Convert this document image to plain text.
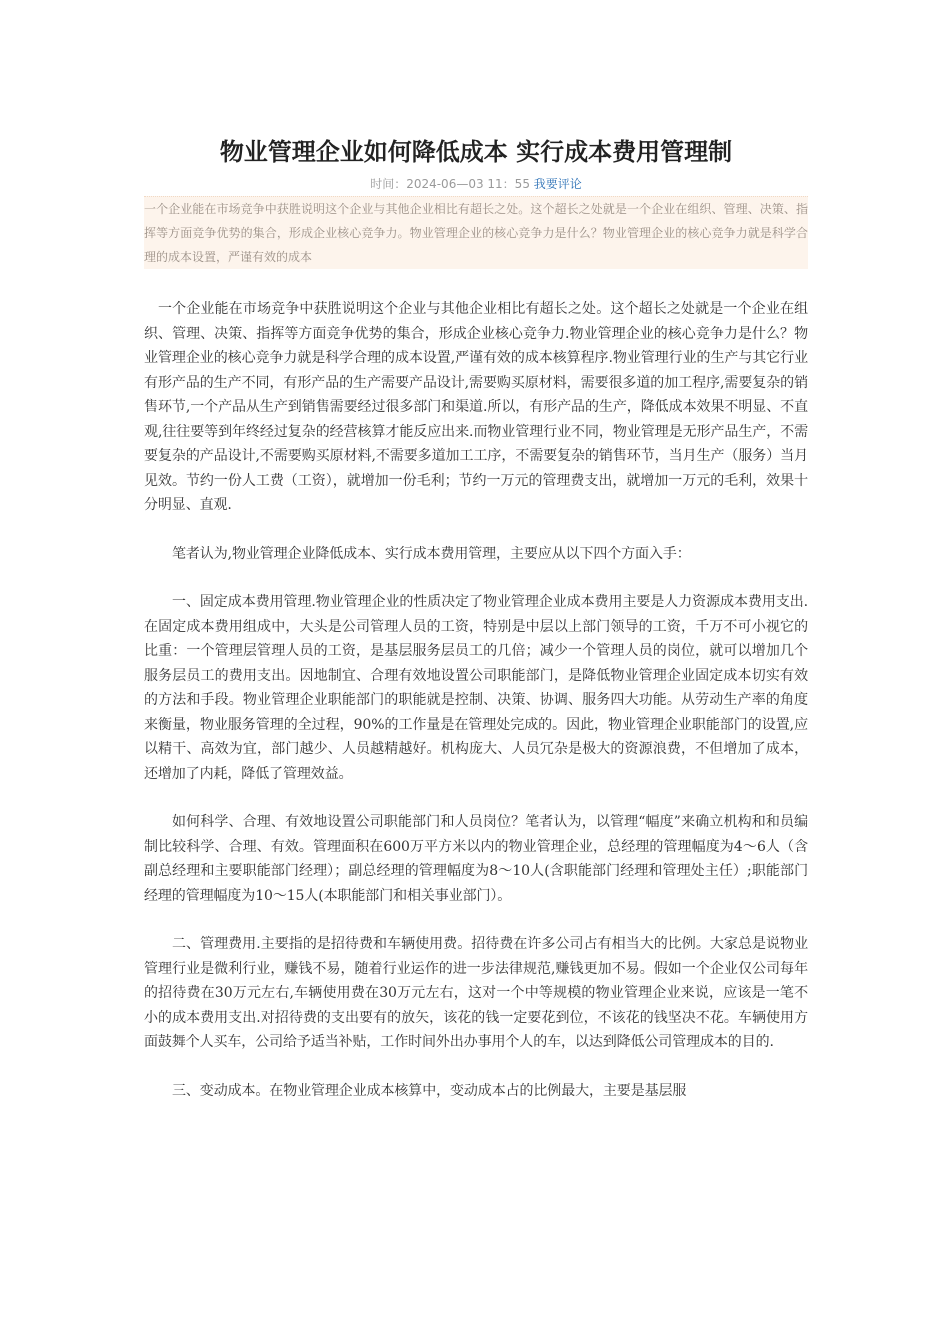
物业管理企业如何降低成本 实行成本费用管理制
时间：2024-06—03 11：55 我要评论
一个企业能在市场竞争中获胜说明这个企业与其他企业相比有超长之处。这个超长之处就是一个企业在组织、管理、决策、指挥等方面竞争优势的集合，形成企业核心竞争力。物业管理企业的核心竞争力是什么？物业管理企业的核心竞争力就是科学合理的成本设置，严谨有效的成本

一个企业能在市场竞争中获胜说明这个企业与其他企业相比有超长之处。这个超长之处就是一个企业在组织、管理、决策、指挥等方面竞争优势的集合，形成企业核心竞争力.物业管理企业的核心竞争力是什么？物业管理企业的核心竞争力就是科学合理的成本设置,严谨有效的成本核算程序.物业管理行业的生产与其它行业有形产品的生产不同，有形产品的生产需要产品设计,需要购买原材料，需要很多道的加工程序,需要复杂的销售环节,一个产品从生产到销售需要经过很多部门和渠道.所以，有形产品的生产，降低成本效果不明显、不直观,往往要等到年终经过复杂的经营核算才能反应出来.而物业管理行业不同，物业管理是无形产品生产，不需要复杂的产品设计,不需要购买原材料,不需要多道加工工序，不需要复杂的销售环节，当月生产（服务）当月见效。节约一份人工费（工资），就增加一份毛利；节约一万元的管理费支出，就增加一万元的毛利，效果十分明显、直观.

笔者认为,物业管理企业降低成本、实行成本费用管理，主要应从以下四个方面入手：

一、固定成本费用管理.物业管理企业的性质决定了物业管理企业成本费用主要是人力资源成本费用支出.在固定成本费用组成中，大头是公司管理人员的工资，特别是中层以上部门领导的工资，千万不可小视它的比重：一个管理层管理人员的工资，是基层服务层员工的几倍；减少一个管理人员的岗位，就可以增加几个服务层员工的费用支出。因地制宜、合理有效地设置公司职能部门，是降低物业管理企业固定成本切实有效的方法和手段。物业管理企业职能部门的职能就是控制、决策、协调、服务四大功能。从劳动生产率的角度来衡量，物业服务管理的全过程，90%的工作量是在管理处完成的。因此，物业管理企业职能部门的设置,应以精干、高效为宜，部门越少、人员越精越好。机构庞大、人员冗杂是极大的资源浪费，不但增加了成本，还增加了内耗，降低了管理效益。

如何科学、合理、有效地设置公司职能部门和人员岗位？笔者认为，以管理“幅度”来确立机构和和员编制比较科学、合理、有效。管理面积在600万平方米以内的物业管理企业，总经理的管理幅度为4～6人（含副总经理和主要职能部门经理）；副总经理的管理幅度为8～10人(含职能部门经理和管理处主任）;职能部门经理的管理幅度为10～15人(本职能部门和相关事业部门）。

二、管理费用.主要指的是招待费和车辆使用费。招待费在许多公司占有相当大的比例。大家总是说物业管理行业是微利行业，赚钱不易，随着行业运作的进一步法律规范,赚钱更加不易。假如一个企业仅公司每年的招待费在30万元左右,车辆使用费在30万元左右，这对一个中等规模的物业管理企业来说，应该是一笔不小的成本费用支出.对招待费的支出要有的放矢，该花的钱一定要花到位，不该花的钱坚决不花。车辆使用方面鼓舞个人买车，公司给予适当补贴，工作时间外出办事用个人的车，以达到降低公司管理成本的目的.

三、变动成本。在物业管理企业成本核算中，变动成本占的比例最大，主要是基层服
